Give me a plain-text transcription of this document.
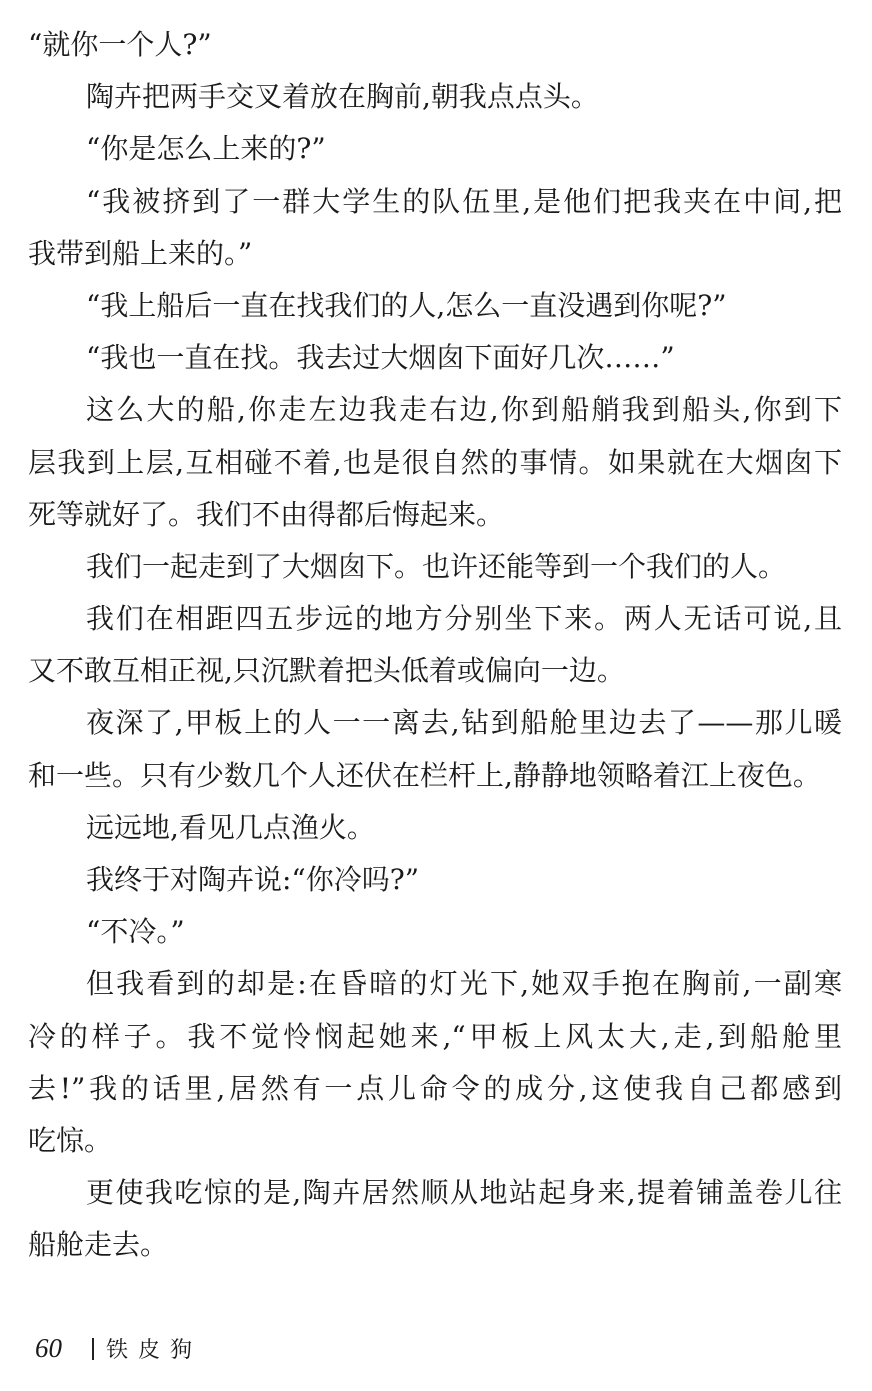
“就你一个人?”
陶卉把两手交叉着放在胸前,朝我点点头。
“你是怎么上来的?”
“我被挤到了一群大学生的队伍里,是他们把我夹在中间,把
我带到船上来的。”
“我上船后一直在找我们的人,怎么一直没遇到你呢?”
“我也一直在找。我去过大烟囱下面好几次……”
这么大的船,你走左边我走右边,你到船艄我到船头,你到下
层我到上层,互相碰不着,也是很自然的事情。如果就在大烟囱下
死等就好了。我们不由得都后悔起来。
我们一起走到了大烟囱下。也许还能等到一个我们的人。
我们在相距四五步远的地方分别坐下来。两人无话可说,且
又不敢互相正视,只沉默着把头低着或偏向一边。
夜深了,甲板上的人一一离去,钻到船舱里边去了——那儿暖
和一些。只有少数几个人还伏在栏杆上,静静地领略着江上夜色。
远远地,看见几点渔火。
我终于对陶卉说:“你冷吗?”
“不冷。”
但我看到的却是:在昏暗的灯光下,她双手抱在胸前,一副寒
冷的样子。我不觉怜悯起她来,“甲板上风太大,走,到船舱里
去!”我的话里,居然有一点儿命令的成分,这使我自己都感到
吃惊。
更使我吃惊的是,陶卉居然顺从地站起身来,提着铺盖卷儿往
船舱走去。
60 铁皮狗
